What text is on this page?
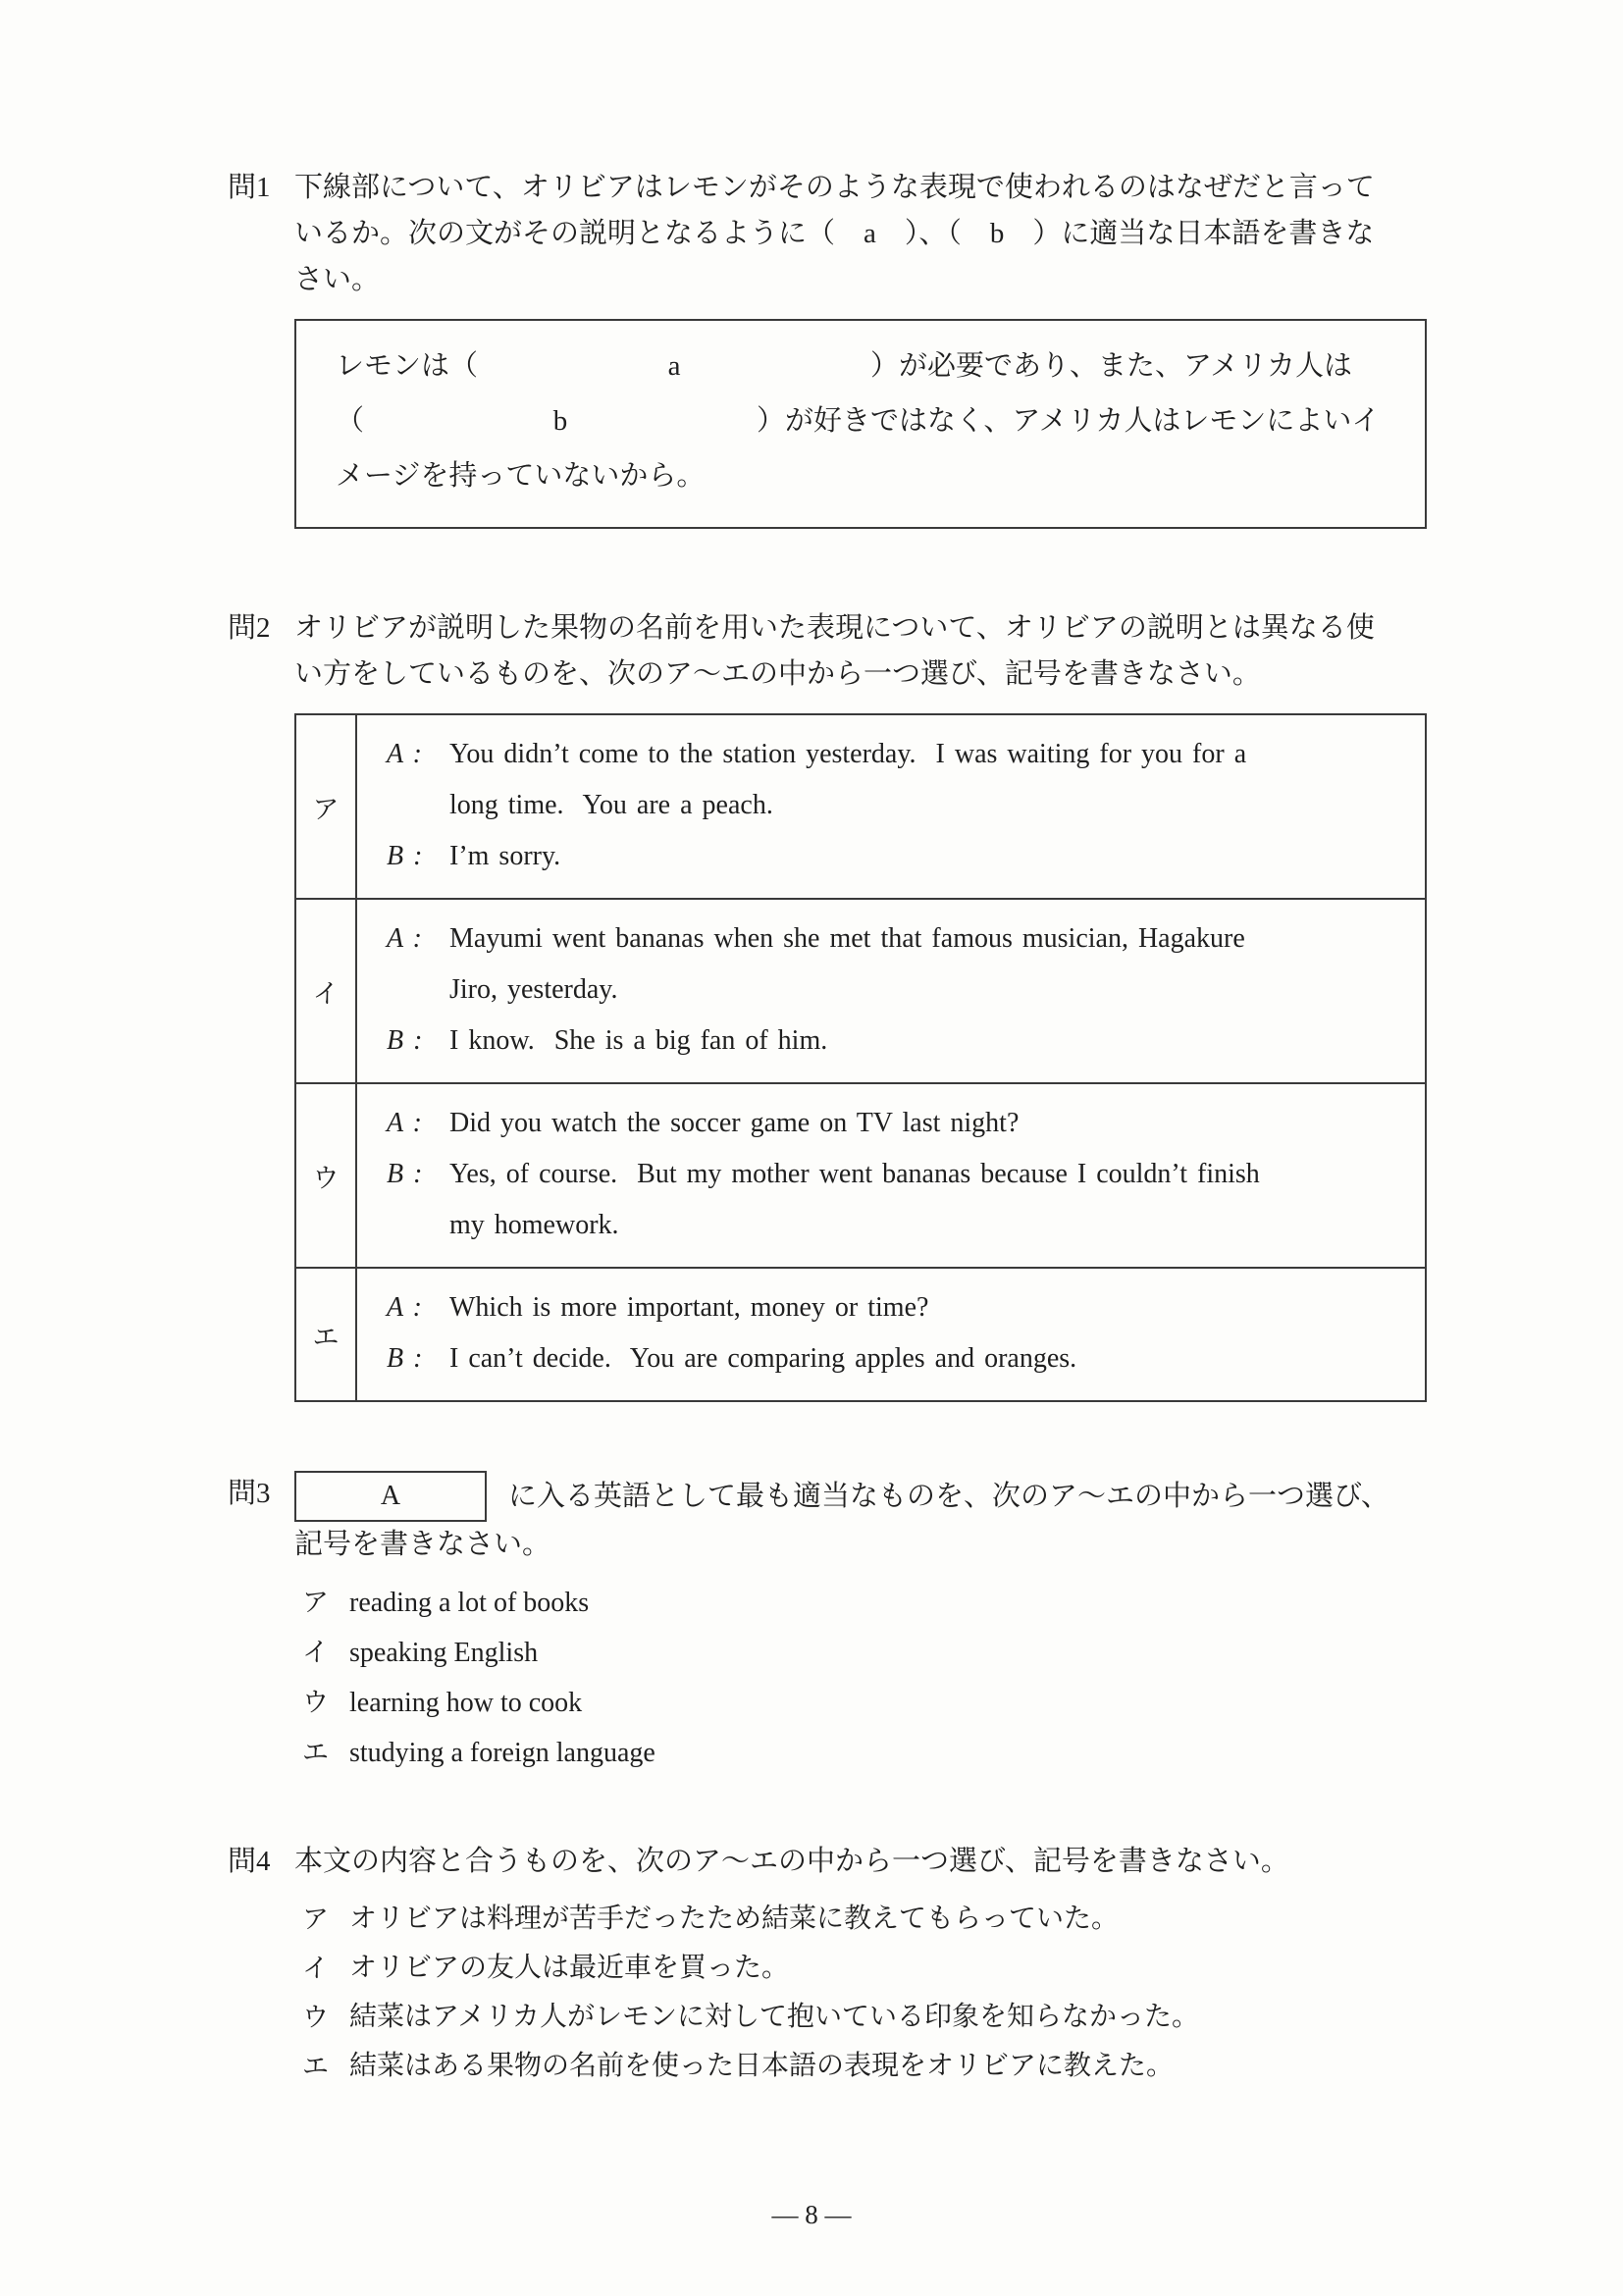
問1 下線部について、オリビアはレモンがそのような表現で使われるのはなぜだと言って
いるか。次の文がその説明となるように（　a　）、（　b　）に適当な日本語を書きな
さい。
レモンは（	a	）が必要であり、また、アメリカ人は
（	b	）が好きではなく、アメリカ人はレモンによいイ
メージを持っていないから。
問2 オリビアが説明した果物の名前を用いた表現について、オリビアの説明とは異なる使
い方をしているものを、次のア～エの中から一つ選び、記号を書きなさい。
ア
A :	You didn’t come to the station yesterday.  I was waiting for you for a
long time.  You are a peach.
B : I’m sorry.
イ
A :	Mayumi went bananas when she met that famous musician, Hagakure
Jiro, yesterday.
B : I know.  She is a big fan of him.
ウ
A :	Did you watch the soccer game on TV last night?
B : Yes, of course.  But my mother went bananas because I couldn’t finish
my homework.
エ
A :	Which is more important, money or time?
B : I can’t decide.  You are comparing apples and oranges.
問3	A	に入る英語として最も適当なものを、次のア～エの中から一つ選び、
記号を書きなさい。
ア reading a lot of books
イ speaking English
ウ learning how to cook
エ studying a foreign language
問4 本文の内容と合うものを、次のア～エの中から一つ選び、記号を書きなさい。
ア オリビアは料理が苦手だったため結菜に教えてもらっていた。
イ オリビアの友人は最近車を買った。
ウ 結菜はアメリカ人がレモンに対して抱いている印象を知らなかった。
エ 結菜はある果物の名前を使った日本語の表現をオリビアに教えた。
― 8 ―
